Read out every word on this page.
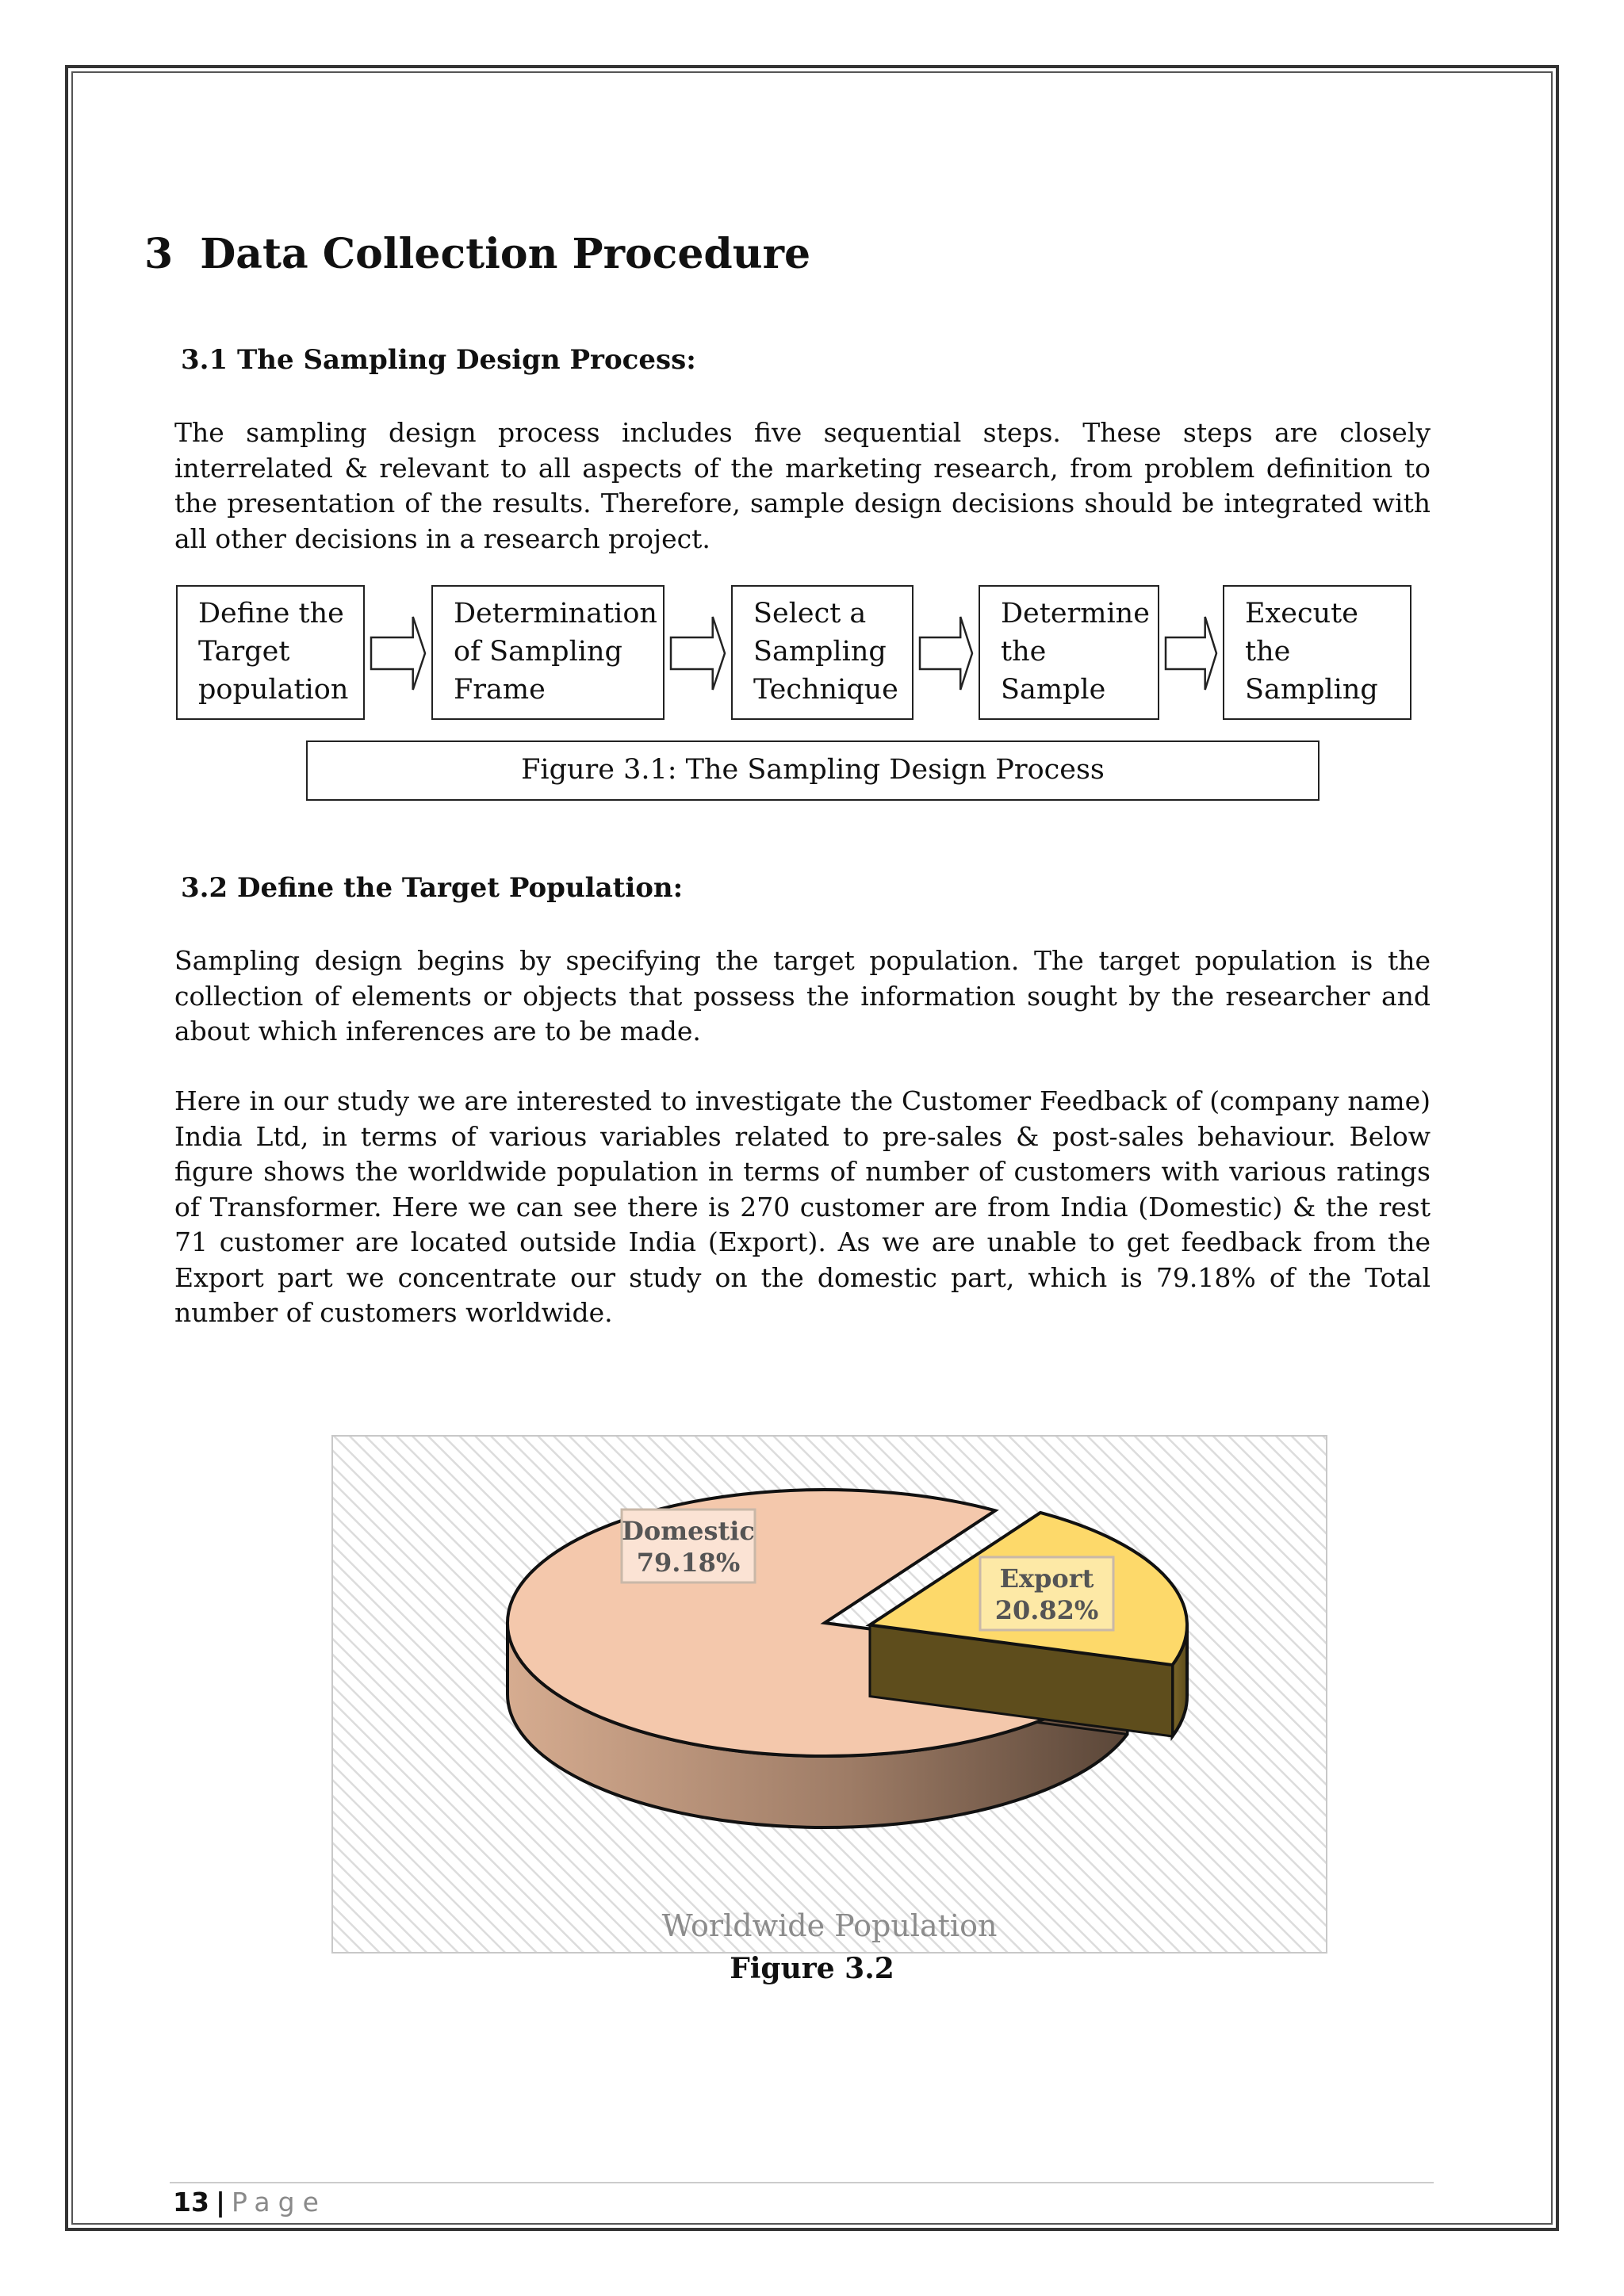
3 Data Collection Procedure
3.1 The Sampling Design Process:

The sampling design process includes five sequential steps. These steps are closely interrelated & relevant to all aspects of the marketing research, from problem definition to the presentation of the results. Therefore, sample design decisions should be integrated with all other decisions in a research project.

Define the
Target
population
Determination
of Sampling
Frame
Select a
Sampling
Technique
Determine
the
Sample
Execute
the
Sampling
Figure 3.1: The Sampling Design Process
3.2 Define the Target Population:

Sampling design begins by specifying the target population. The target population is the collection of elements or objects that possess the information sought by the researcher and about which inferences are to be made.

Here in our study we are interested to investigate the Customer Feedback of (company name) India Ltd, in terms of various variables related to pre-sales & post-sales behaviour. Below figure shows the worldwide population in terms of number of customers with various ratings of Transformer. Here we can see there is 270 customer are from India (Domestic) & the rest 71 customer are located outside India (Export). As we are unable to get feedback from the Export part we concentrate our study on the domestic part, which is 79.18% of the Total number of customers worldwide.

Domestic
79.18%
Export
20.82%
Worldwide Population
Figure 3.2
13 | Page
